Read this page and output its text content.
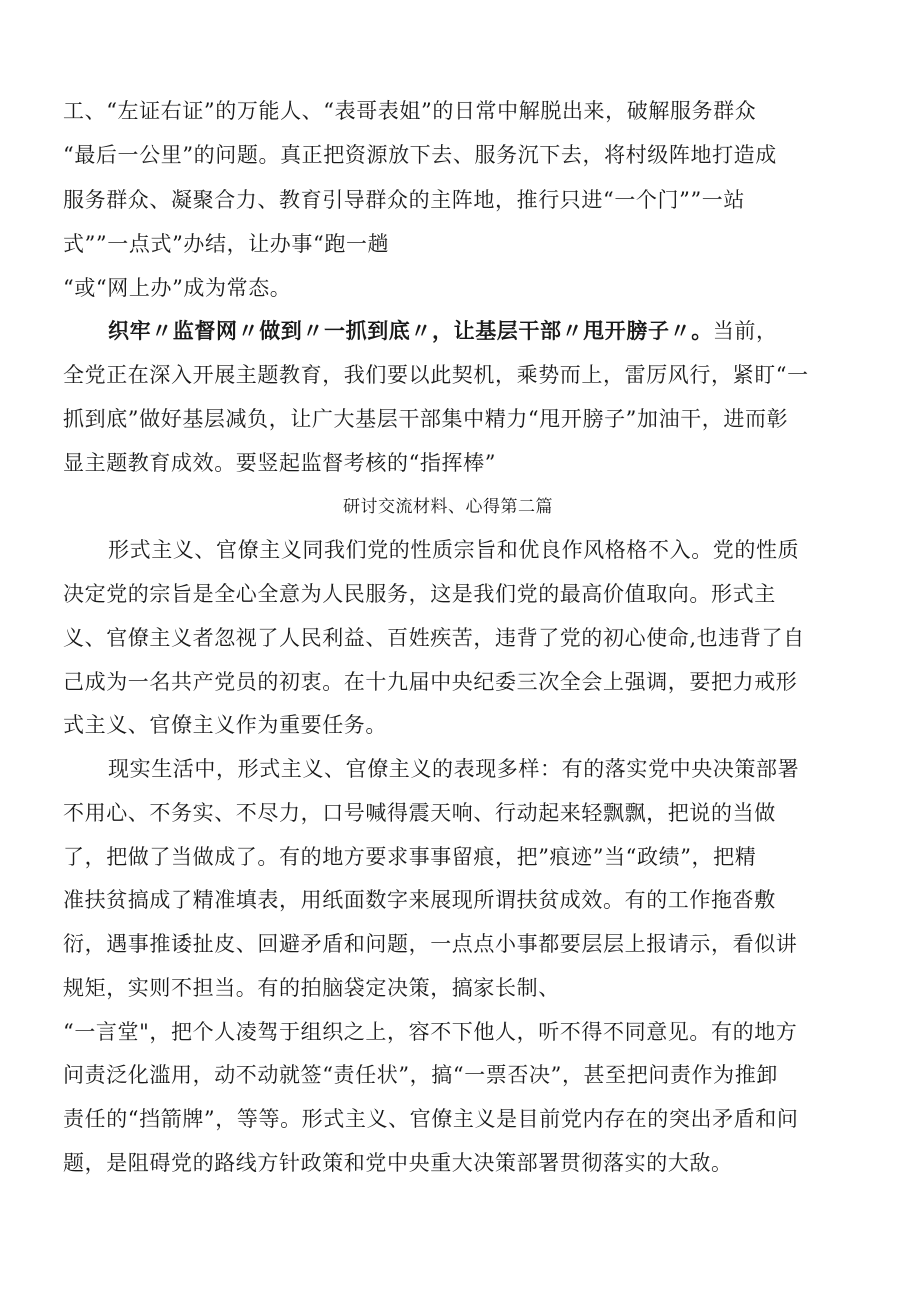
工、“左证右证”的万能人、“表哥表姐”的日常中解脱出来，破解服务群众
“最后一公里”的问题。真正把资源放下去、服务沉下去，将村级阵地打造成
服务群众、凝聚合力、教育引导群众的主阵地，推行只进“一个门””一站
式””一点式”办结，让办事“跑一趟
“或“网上办”成为常态。
织牢〃监督网〃做到〃一抓到底〃，让基层干部〃甩开膀子〃。当前，
全党正在深入开展主题教育，我们要以此契机，乘势而上，雷厉风行，紧盯“一
抓到底”做好基层减负，让广大基层干部集中精力“甩开膀子”加油干，进而彰
显主题教育成效。要竖起监督考核的“指挥棒”
研讨交流材料、心得第二篇
形式主义、官僚主义同我们党的性质宗旨和优良作风格格不入。党的性质
决定党的宗旨是全心全意为人民服务，这是我们党的最高价值取向。形式主
义、官僚主义者忽视了人民利益、百姓疾苦，违背了党的初心使命,也违背了自
己成为一名共产党员的初衷。在十九届中央纪委三次全会上强调，要把力戒形
式主义、官僚主义作为重要任务。
现实生活中，形式主义、官僚主义的表现多样：有的落实党中央决策部署
不用心、不务实、不尽力，口号喊得震天响、行动起来轻飘飘，把说的当做
了，把做了当做成了。有的地方要求事事留痕，把”痕迹”当“政绩”，把精
准扶贫搞成了精准填表，用纸面数字来展现所谓扶贫成效。有的工作拖沓敷
衍，遇事推诿扯皮、回避矛盾和问题，一点点小事都要层层上报请示，看似讲
规矩，实则不担当。有的拍脑袋定决策，搞家长制、
“一言堂"，把个人凌驾于组织之上，容不下他人，听不得不同意见。有的地方
问责泛化滥用，动不动就签“责任状”，搞“一票否决”，甚至把问责作为推卸
责任的“挡箭牌”，等等。形式主义、官僚主义是目前党内存在的突出矛盾和问
题，是阻碍党的路线方针政策和党中央重大决策部署贯彻落实的大敌。
